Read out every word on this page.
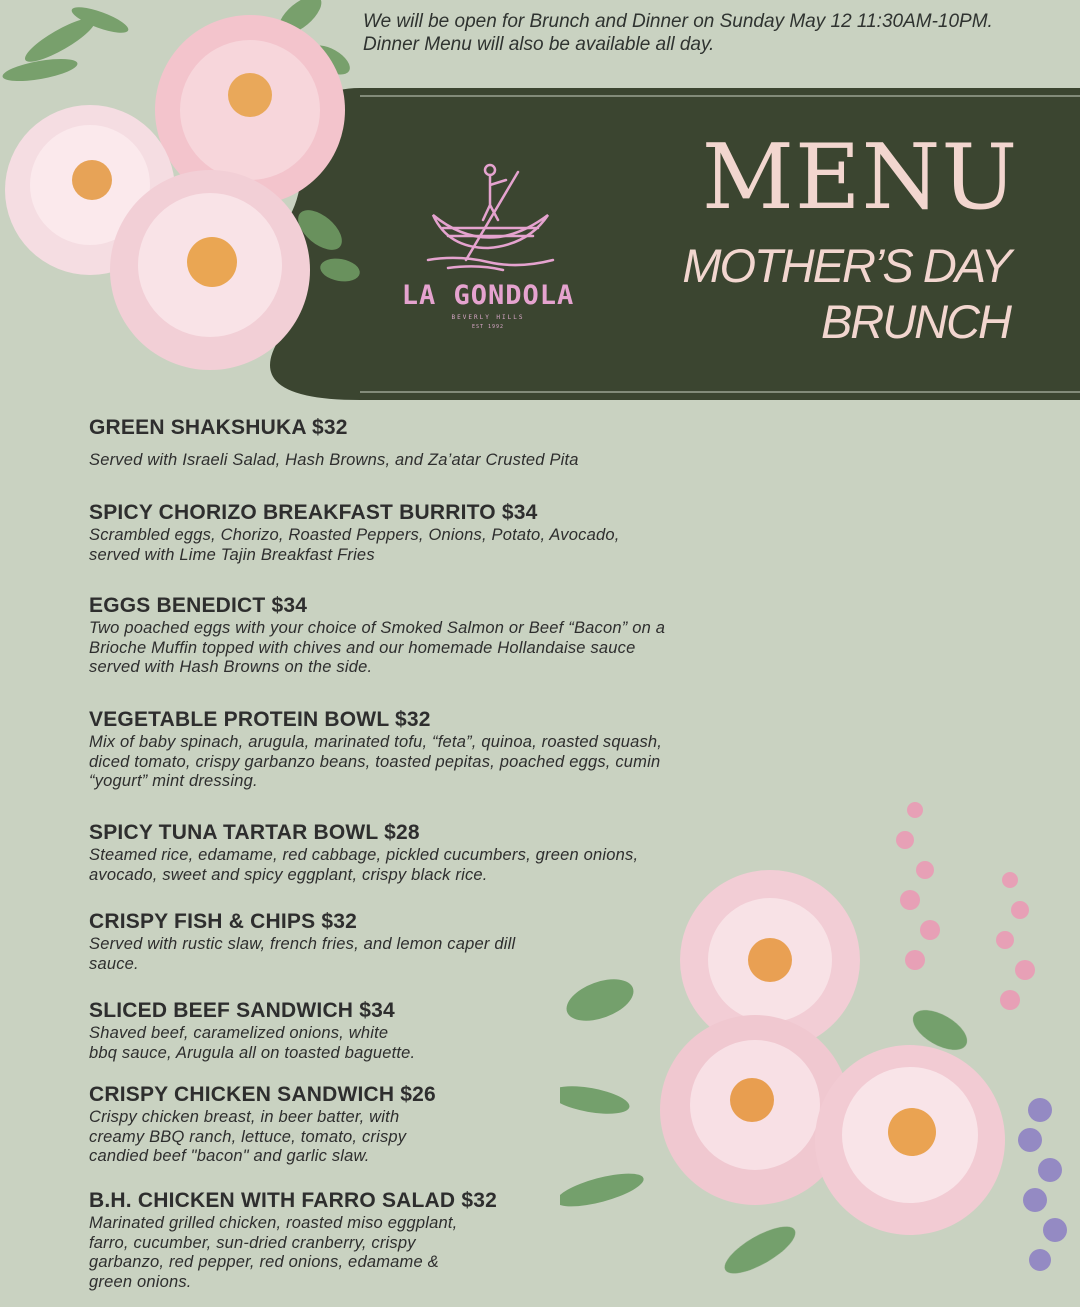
We will be open for Brunch and Dinner on Sunday May 12 11:30AM-10PM.
Dinner Menu will also be available all day.
LA GONDOLA
BEVERLY HILLS
EST 1992
MENU
MOTHER’S DAY
BRUNCH
GREEN SHAKSHUKA $32
Served with Israeli Salad, Hash Browns, and Za’atar Crusted Pita
SPICY CHORIZO BREAKFAST BURRITO $34
Scrambled eggs, Chorizo, Roasted Peppers, Onions, Potato, Avocado,
served with Lime Tajin Breakfast Fries
EGGS BENEDICT $34
Two poached eggs with your choice of Smoked Salmon or Beef “Bacon” on a
Brioche Muffin topped with chives and our homemade Hollandaise sauce
served with Hash Browns on the side.
VEGETABLE PROTEIN BOWL $32
Mix of baby spinach, arugula, marinated tofu, “feta”, quinoa, roasted squash,
diced tomato, crispy garbanzo beans, toasted pepitas, poached eggs, cumin
“yogurt” mint dressing.
SPICY TUNA TARTAR BOWL $28
Steamed rice, edamame, red cabbage, pickled cucumbers, green onions,
avocado, sweet and spicy eggplant, crispy black rice.
CRISPY FISH & CHIPS $32
Served with rustic slaw, french fries, and lemon caper dill
sauce.
SLICED BEEF SANDWICH $34
Shaved beef, caramelized onions, white
bbq sauce, Arugula all on toasted baguette.
CRISPY CHICKEN SANDWICH $26
Crispy chicken breast, in beer batter, with
creamy BBQ ranch, lettuce, tomato, crispy
candied beef "bacon" and garlic slaw.
B.H. CHICKEN WITH FARRO SALAD $32
Marinated grilled chicken, roasted miso eggplant,
farro, cucumber, sun-dried cranberry, crispy
garbanzo, red pepper, red onions, edamame &
green onions.
